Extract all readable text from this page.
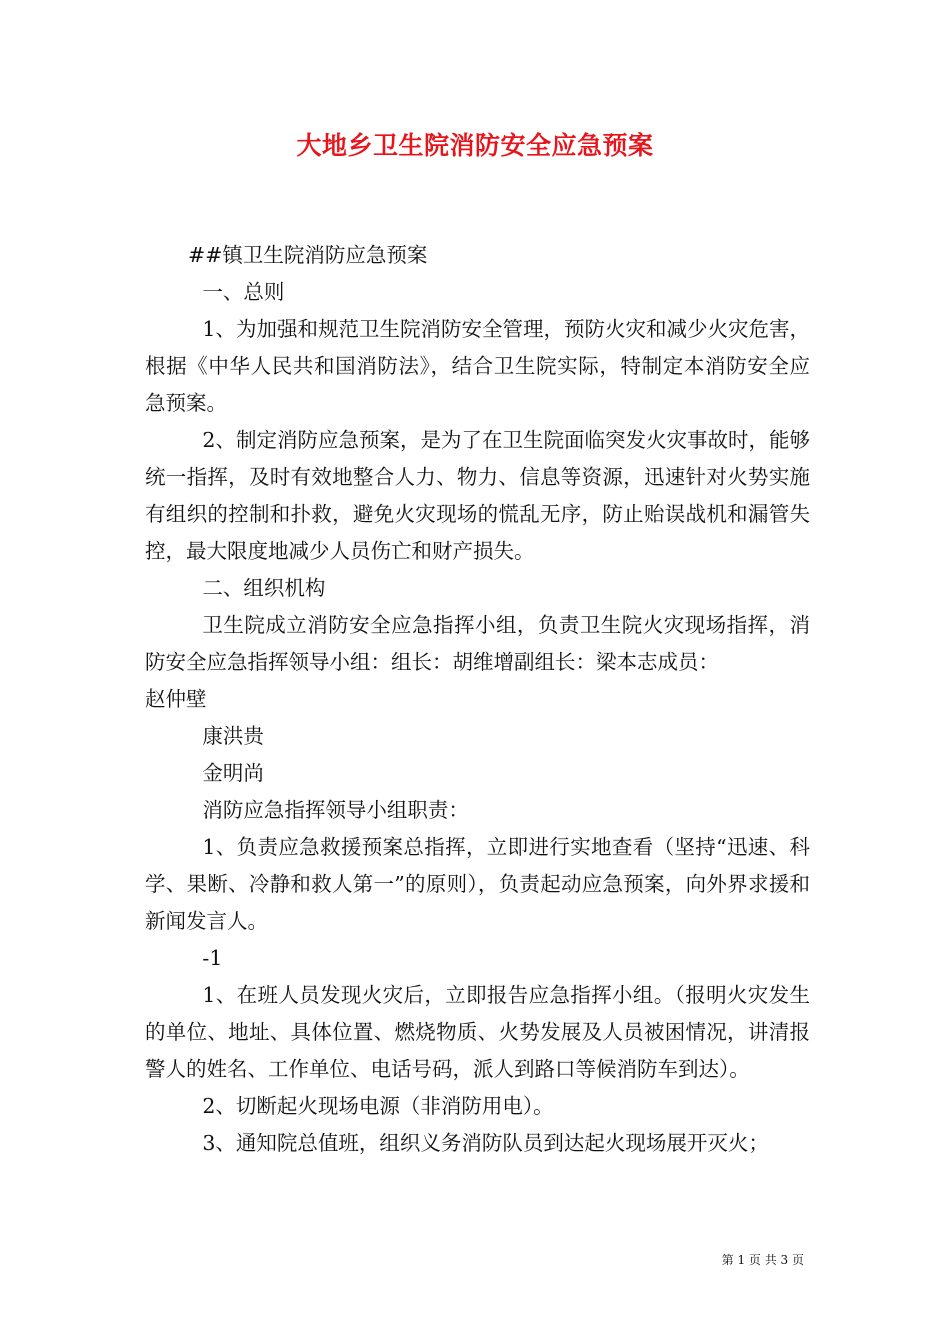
大地乡卫生院消防安全应急预案

##镇卫生院消防应急预案

一、总则

1、为加强和规范卫生院消防安全管理，预防火灾和减少火灾危害，根据《中华人民共和国消防法》，结合卫生院实际，特制定本消防安全应急预案。

2、制定消防应急预案，是为了在卫生院面临突发火灾事故时，能够统一指挥，及时有效地整合人力、物力、信息等资源，迅速针对火势实施有组织的控制和扑救，避免火灾现场的慌乱无序，防止贻误战机和漏管失控，最大限度地减少人员伤亡和财产损失。

二、组织机构

卫生院成立消防安全应急指挥小组，负责卫生院火灾现场指挥，消防安全应急指挥领导小组：组长：胡维增副组长：梁本志成员：

赵仲壁

康洪贵

金明尚

消防应急指挥领导小组职责：

1、负责应急救援预案总指挥，立即进行实地查看（坚持“迅速、科学、果断、冷静和救人第一”的原则），负责起动应急预案，向外界求援和新闻发言人。

-1

1、在班人员发现火灾后，立即报告应急指挥小组。（报明火灾发生的单位、地址、具体位置、燃烧物质、火势发展及人员被困情况，讲清报警人的姓名、工作单位、电话号码，派人到路口等候消防车到达）。

2、切断起火现场电源（非消防用电）。

3、通知院总值班，组织义务消防队员到达起火现场展开灭火；

第 1 页 共 3 页
